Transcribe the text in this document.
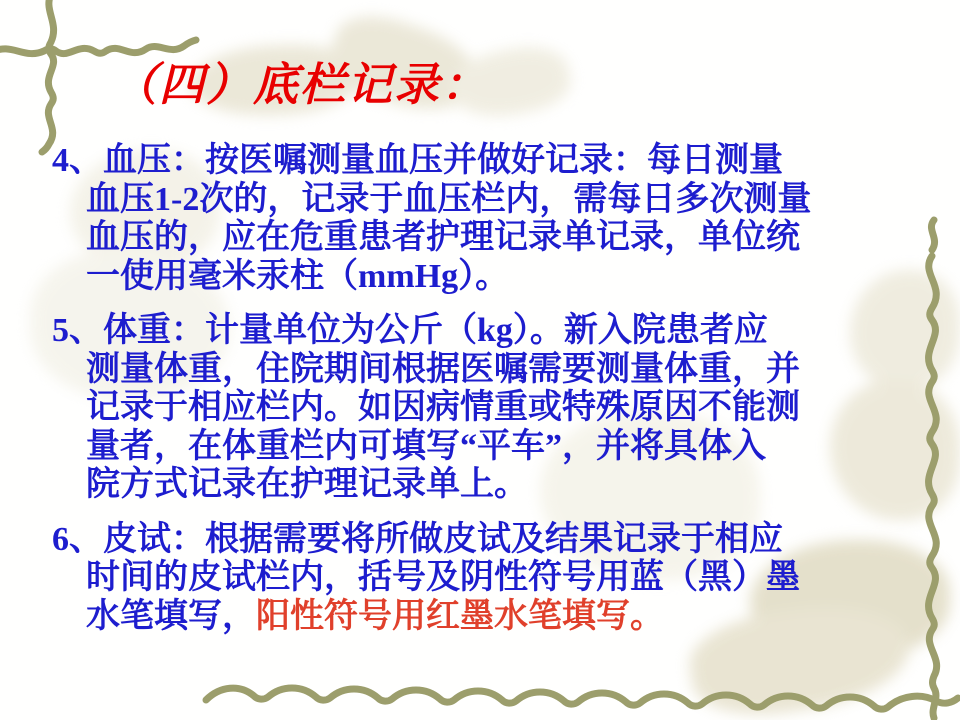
（四）底栏记录：
4、血压：按医嘱测量血压并做好记录：每日测量
血压1-2次的，记录于血压栏内，需每日多次测量
血压的，应在危重患者护理记录单记录，单位统
一使用毫米汞柱（mmHg）。
5、体重：计量单位为公斤（kg）。新入院患者应
测量体重，住院期间根据医嘱需要测量体重，并
记录于相应栏内。如因病情重或特殊原因不能测
量者，在体重栏内可填写“平车”，并将具体入
院方式记录在护理记录单上。
6、皮试：根据需要将所做皮试及结果记录于相应
时间的皮试栏内，括号及阴性符号用蓝（黑）墨
水笔填写，阳性符号用红墨水笔填写。
